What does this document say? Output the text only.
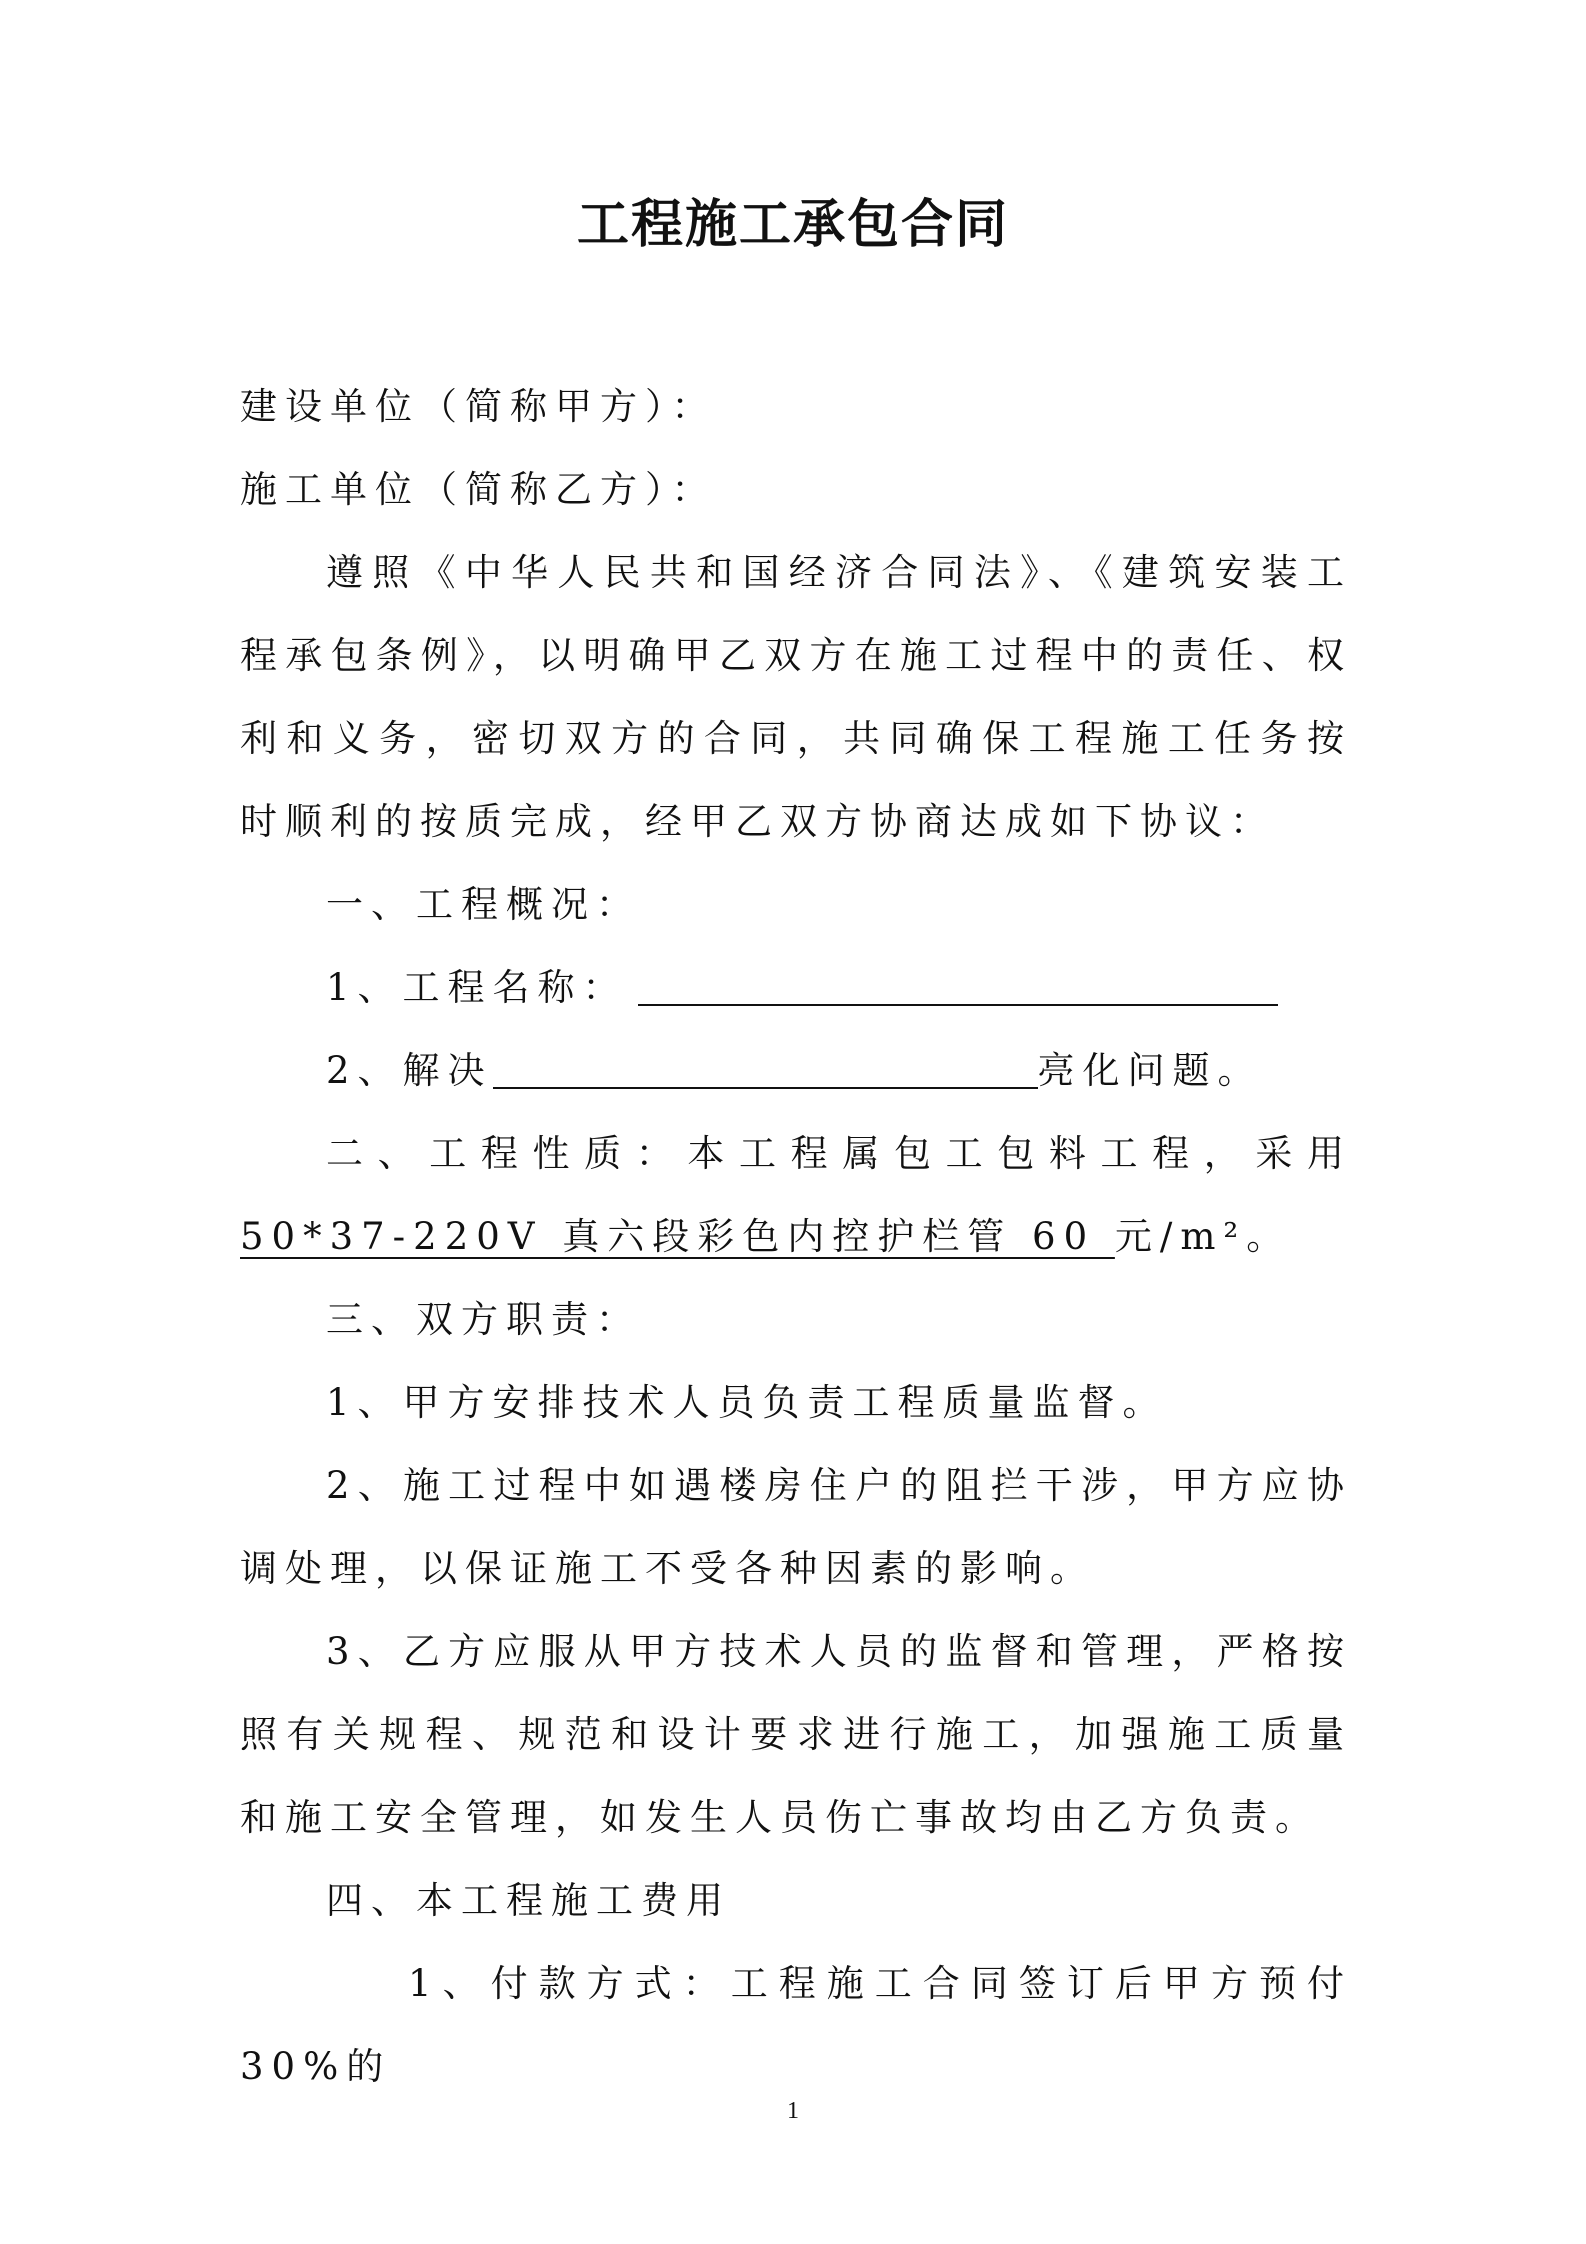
工程施工承包合同

建设单位（简称甲方）：

施工单位（简称乙方）：

遵照《中华人民共和国经济合同法》、《建筑安装工程承包条例》，以明确甲乙双方在施工过程中的责任、权利和义务，密切双方的合同，共同确保工程施工任务按时顺利的按质完成，经甲乙双方协商达成如下协议：

一、工程概况：

1、工程名称：

2、解决	亮化问题。

二、工程性质：本工程属包工包料工程，采用50*37-220V 真六段彩色内控护栏管 60 元/m²。

三、双方职责：

1、甲方安排技术人员负责工程质量监督。

2、施工过程中如遇楼房住户的阻拦干涉，甲方应协调处理，以保证施工不受各种因素的影响。

3、乙方应服从甲方技术人员的监督和管理，严格按照有关规程、规范和设计要求进行施工，加强施工质量和施工安全管理，如发生人员伤亡事故均由乙方负责。

四、本工程施工费用

1、付款方式：工程施工合同签订后甲方预付 30%的

1
